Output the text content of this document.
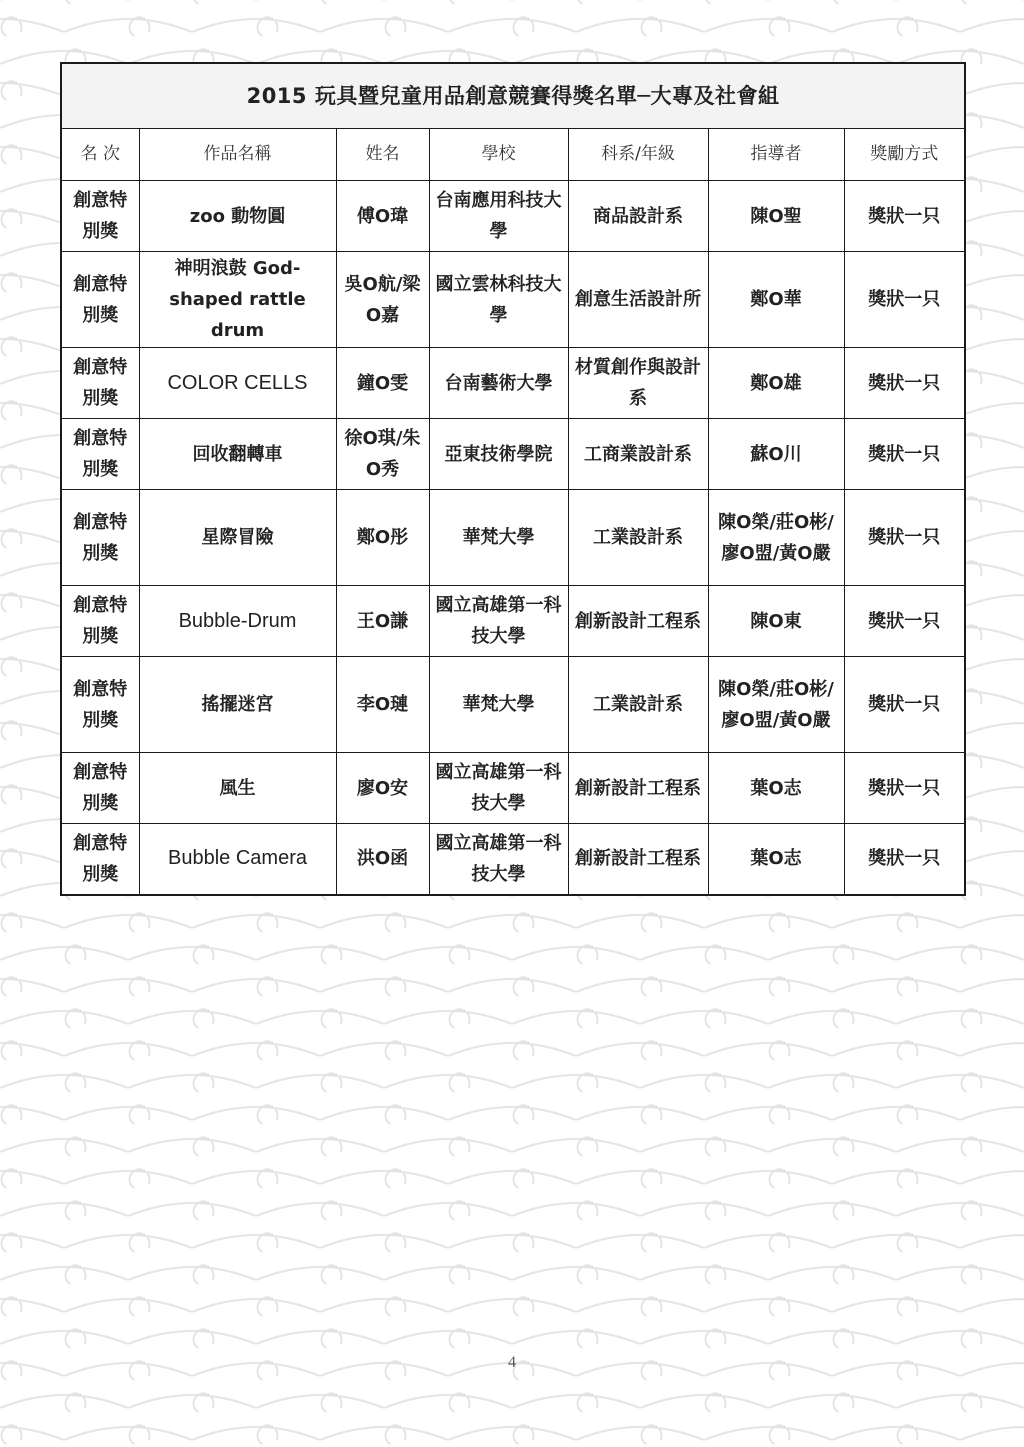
2015 玩具暨兒童用品創意競賽得獎名單─大專及社會組						
名 次	作品名稱	姓名	學校	科系/年級	指導者	獎勵方式
創意特別獎	zoo 動物圓	傅O瑋	台南應用科技大學	商品設計系	陳O聖	獎狀一只
創意特別獎	神明浪鼓 God-shaped rattle drum	吳O航/梁O嘉	國立雲林科技大學	創意生活設計所	鄭O華	獎狀一只
創意特別獎	COLOR CELLS	鐘O雯	台南藝術大學	材質創作與設計系	鄭O雄	獎狀一只
創意特別獎	回收翻轉車	徐O琪/朱O秀	亞東技術學院	工商業設計系	蘇O川	獎狀一只
創意特別獎	星際冒險	鄭O彤	華梵大學	工業設計系	陳O榮/莊O彬/廖O盟/黃O嚴	獎狀一只
創意特別獎	Bubble-Drum	王O謙	國立高雄第一科技大學	創新設計工程系	陳O東	獎狀一只
創意特別獎	搖擺迷宮	李O璉	華梵大學	工業設計系	陳O榮/莊O彬/廖O盟/黃O嚴	獎狀一只
創意特別獎	風生	廖O安	國立高雄第一科技大學	創新設計工程系	葉O志	獎狀一只
創意特別獎	Bubble Camera	洪O函	國立高雄第一科技大學	創新設計工程系	葉O志	獎狀一只
4
